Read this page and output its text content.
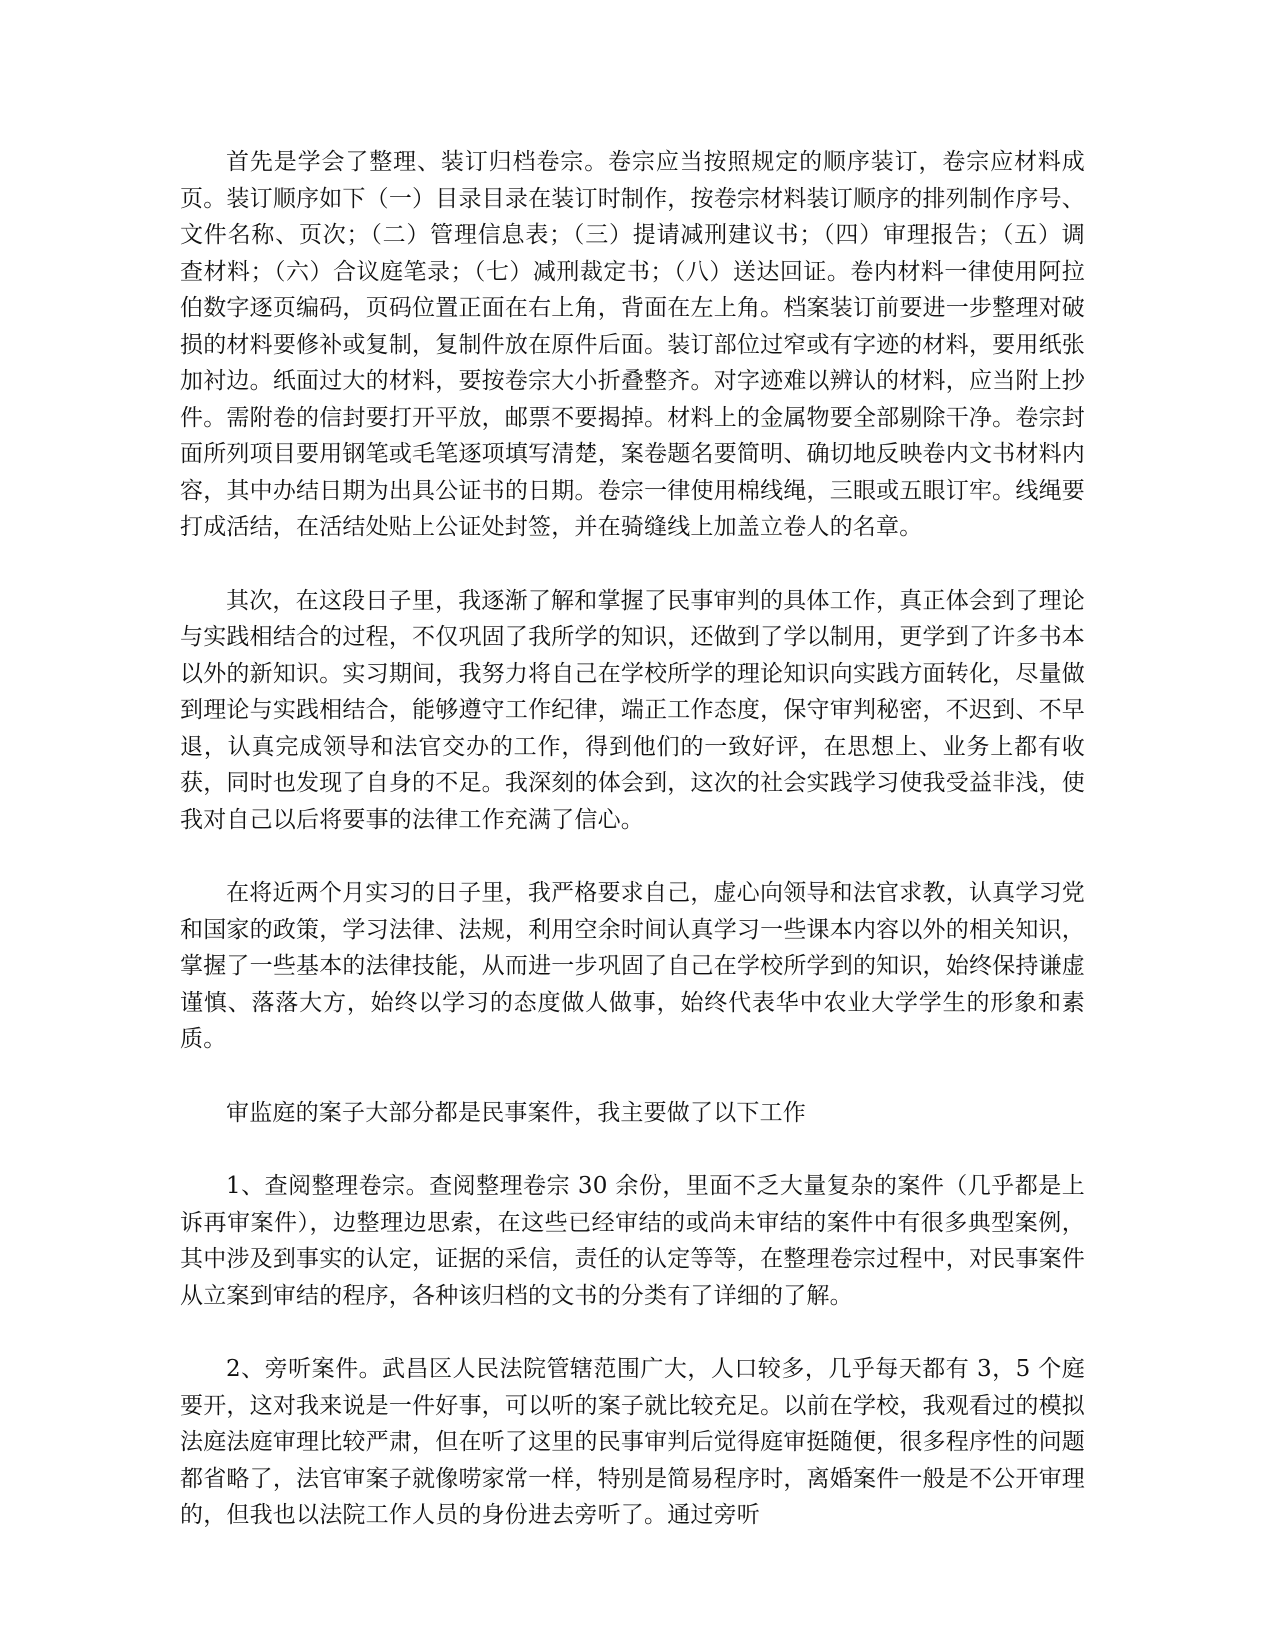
首先是学会了整理、装订归档卷宗。卷宗应当按照规定的顺序装订，卷宗应材料成页。装订顺序如下（一）目录目录在装订时制作，按卷宗材料装订顺序的排列制作序号、文件名称、页次；（二）管理信息表；（三）提请减刑建议书；（四）审理报告；（五）调查材料；（六）合议庭笔录；（七）减刑裁定书；（八）送达回证。卷内材料一律使用阿拉伯数字逐页编码，页码位置正面在右上角，背面在左上角。档案装订前要进一步整理对破损的材料要修补或复制，复制件放在原件后面。装订部位过窄或有字迹的材料，要用纸张加衬边。纸面过大的材料，要按卷宗大小折叠整齐。对字迹难以辨认的材料，应当附上抄件。需附卷的信封要打开平放，邮票不要揭掉。材料上的金属物要全部剔除干净。卷宗封面所列项目要用钢笔或毛笔逐项填写清楚，案卷题名要简明、确切地反映卷内文书材料内容，其中办结日期为出具公证书的日期。卷宗一律使用棉线绳，三眼或五眼订牢。线绳要打成活结，在活结处贴上公证处封签，并在骑缝线上加盖立卷人的名章。

其次，在这段日子里，我逐渐了解和掌握了民事审判的具体工作，真正体会到了理论与实践相结合的过程，不仅巩固了我所学的知识，还做到了学以制用，更学到了许多书本以外的新知识。实习期间，我努力将自己在学校所学的理论知识向实践方面转化，尽量做到理论与实践相结合，能够遵守工作纪律，端正工作态度，保守审判秘密，不迟到、不早退，认真完成领导和法官交办的工作，得到他们的一致好评，在思想上、业务上都有收获，同时也发现了自身的不足。我深刻的体会到，这次的社会实践学习使我受益非浅，使我对自己以后将要事的法律工作充满了信心。

在将近两个月实习的日子里，我严格要求自己，虚心向领导和法官求教，认真学习党和国家的政策，学习法律、法规，利用空余时间认真学习一些课本内容以外的相关知识，掌握了一些基本的法律技能，从而进一步巩固了自己在学校所学到的知识，始终保持谦虚谨慎、落落大方，始终以学习的态度做人做事，始终代表华中农业大学学生的形象和素质。

审监庭的案子大部分都是民事案件，我主要做了以下工作

1、查阅整理卷宗。查阅整理卷宗 30 余份，里面不乏大量复杂的案件（几乎都是上诉再审案件），边整理边思索，在这些已经审结的或尚未审结的案件中有很多典型案例，其中涉及到事实的认定，证据的采信，责任的认定等等，在整理卷宗过程中，对民事案件从立案到审结的程序，各种该归档的文书的分类有了详细的了解。

2、旁听案件。武昌区人民法院管辖范围广大，人口较多，几乎每天都有 3，5 个庭要开，这对我来说是一件好事，可以听的案子就比较充足。以前在学校，我观看过的模拟法庭法庭审理比较严肃，但在听了这里的民事审判后觉得庭审挺随便，很多程序性的问题都省略了，法官审案子就像唠家常一样，特别是简易程序时，离婚案件一般是不公开审理的，但我也以法院工作人员的身份进去旁听了。通过旁听
